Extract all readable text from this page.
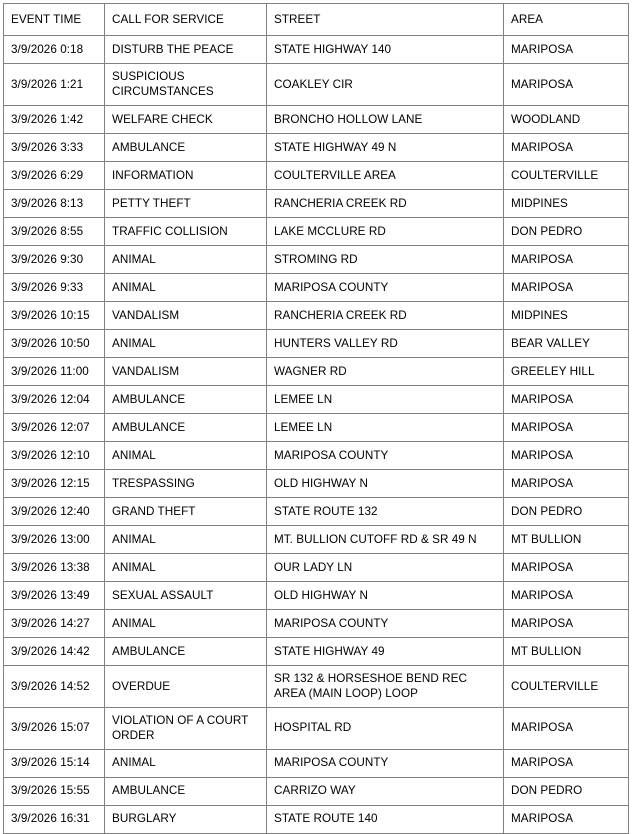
EVENT TIME	CALL FOR SERVICE	STREET	AREA
3/9/2026 0:18	DISTURB THE PEACE	STATE HIGHWAY 140	MARIPOSA
3/9/2026 1:21	SUSPICIOUS CIRCUMSTANCES	COAKLEY CIR	MARIPOSA
3/9/2026 1:42	WELFARE CHECK	BRONCHO HOLLOW LANE	WOODLAND
3/9/2026 3:33	AMBULANCE	STATE HIGHWAY 49 N	MARIPOSA
3/9/2026 6:29	INFORMATION	COULTERVILLE AREA	COULTERVILLE
3/9/2026 8:13	PETTY THEFT	RANCHERIA CREEK RD	MIDPINES
3/9/2026 8:55	TRAFFIC COLLISION	LAKE MCCLURE RD	DON PEDRO
3/9/2026 9:30	ANIMAL	STROMING RD	MARIPOSA
3/9/2026 9:33	ANIMAL	MARIPOSA COUNTY	MARIPOSA
3/9/2026 10:15	VANDALISM	RANCHERIA CREEK RD	MIDPINES
3/9/2026 10:50	ANIMAL	HUNTERS VALLEY RD	BEAR VALLEY
3/9/2026 11:00	VANDALISM	WAGNER RD	GREELEY HILL
3/9/2026 12:04	AMBULANCE	LEMEE LN	MARIPOSA
3/9/2026 12:07	AMBULANCE	LEMEE LN	MARIPOSA
3/9/2026 12:10	ANIMAL	MARIPOSA COUNTY	MARIPOSA
3/9/2026 12:15	TRESPASSING	OLD HIGHWAY N	MARIPOSA
3/9/2026 12:40	GRAND THEFT	STATE ROUTE 132	DON PEDRO
3/9/2026 13:00	ANIMAL	MT. BULLION CUTOFF RD & SR 49 N	MT BULLION
3/9/2026 13:38	ANIMAL	OUR LADY LN	MARIPOSA
3/9/2026 13:49	SEXUAL ASSAULT	OLD HIGHWAY N	MARIPOSA
3/9/2026 14:27	ANIMAL	MARIPOSA COUNTY	MARIPOSA
3/9/2026 14:42	AMBULANCE	STATE HIGHWAY 49	MT BULLION
3/9/2026 14:52	OVERDUE	SR 132 & HORSESHOE BEND REC AREA (MAIN LOOP) LOOP	COULTERVILLE
3/9/2026 15:07	VIOLATION OF A COURT ORDER	HOSPITAL RD	MARIPOSA
3/9/2026 15:14	ANIMAL	MARIPOSA COUNTY	MARIPOSA
3/9/2026 15:55	AMBULANCE	CARRIZO WAY	DON PEDRO
3/9/2026 16:31	BURGLARY	STATE ROUTE 140	MARIPOSA
